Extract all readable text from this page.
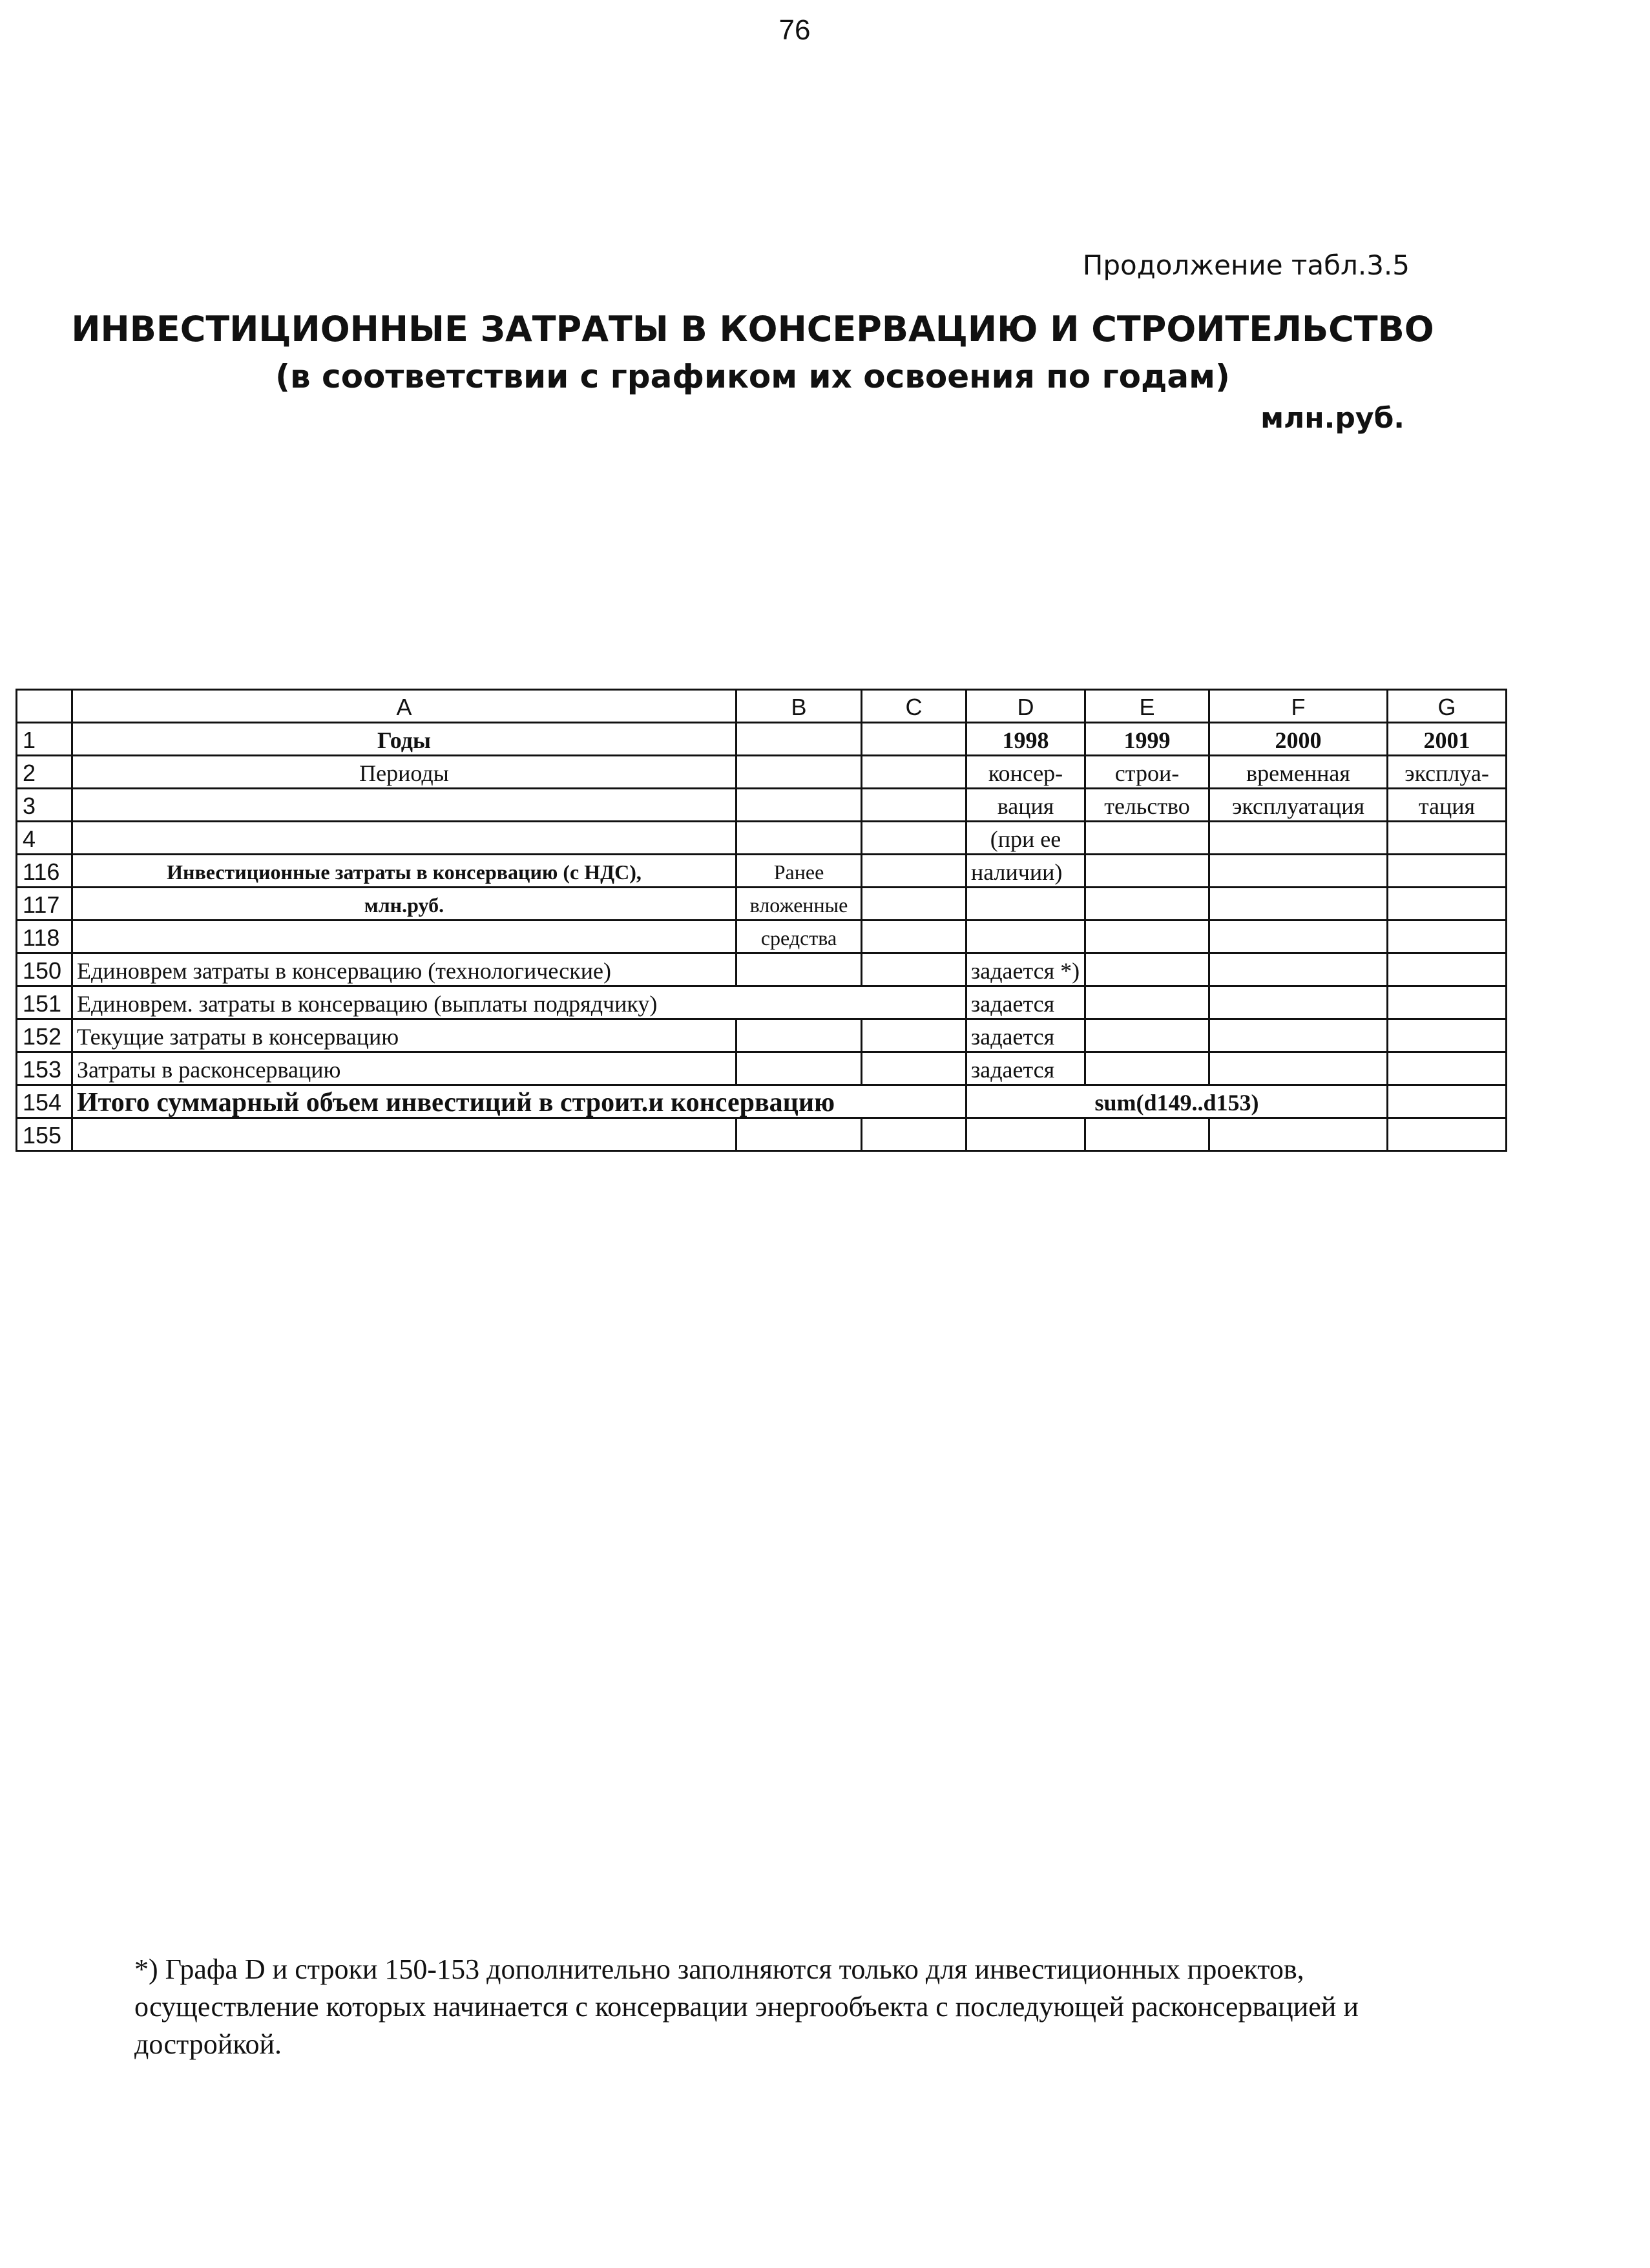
76
Продолжение табл.3.5
ИНВЕСТИЦИОННЫЕ ЗАТРАТЫ В КОНСЕРВАЦИЮ И СТРОИТЕЛЬСТВО
(в соответствии с графиком их освоения по годам)
млн.руб.
	A	B	C	D	E	F	G
1	Годы			1998	1999	2000	2001
2	Периоды			консер-	строи-	временная	эксплуа-
3				вация	тельство	эксплуатация	тация
4				(при ее			
116	Инвестиционные затраты в консервацию (с НДС),	Ранее		наличии)			
117	млн.руб.	вложенные					
118		средства					
150	Единоврем затраты в консервацию (технологические)			задается *)			
151	Единоврем. затраты в консервацию (выплаты подрядчику)			задается			
152	Текущие затраты в консервацию			задается			
153	Затраты в расконсервацию			задается			
154	Итого суммарный объем инвестиций в строит.и консервацию			sum(d149..d153)			
155							
*) Графа D и строки 150-153 дополнительно заполняются только для инвестиционных проектов, осуществление которых начинается с консервации энергообъекта с последующей расконсервацией и достройкой.
